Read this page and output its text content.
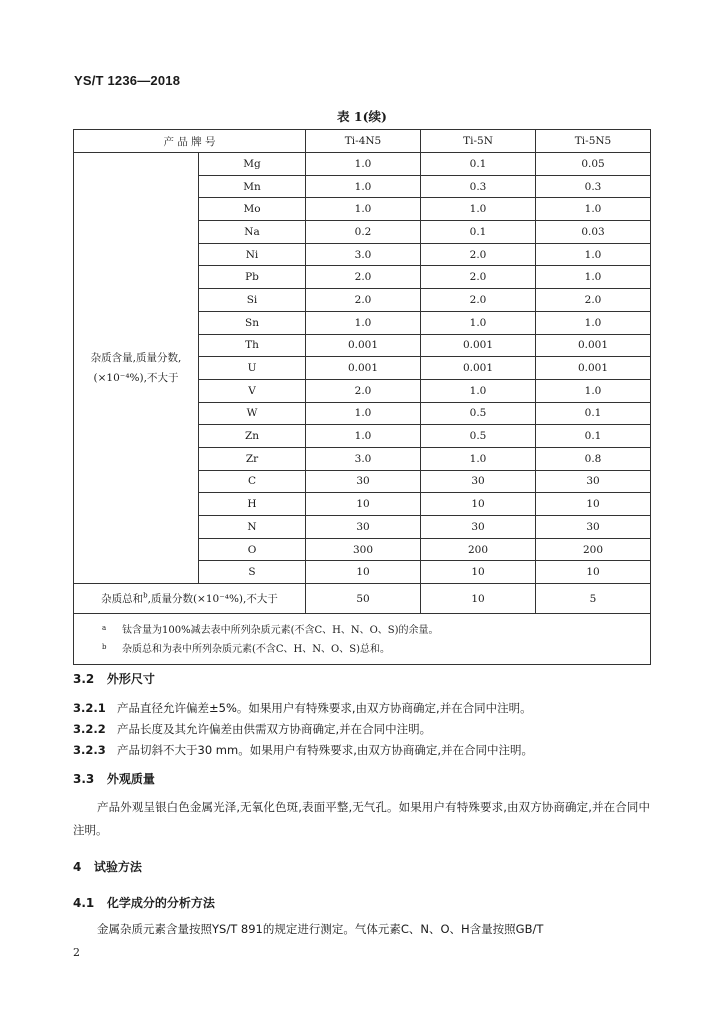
YS/T 1236—2018
表 1(续)
产 品 牌 号		Ti-4N5	Ti-5N	Ti-5N5

杂质含量,质量分数,
(×10⁻⁴%),不大于	Mg	1.0	0.1	0.05
	Mn	1.0	0.3	0.3
	Mo	1.0	1.0	1.0
	Na	0.2	0.1	0.03
	Ni	3.0	2.0	1.0
	Pb	2.0	2.0	1.0
	Si	2.0	2.0	2.0
	Sn	1.0	1.0	1.0
	Th	0.001	0.001	0.001
	U	0.001	0.001	0.001
	V	2.0	1.0	1.0
	W	1.0	0.5	0.1
	Zn	1.0	0.5	0.1
	Zr	3.0	1.0	0.8
	C	30	30	30
	H	10	10	10
	N	30	30	30
	O	300	200	200
	S	10	10	10
杂质总和$^b$,质量分数(×10⁻⁴%),不大于		50	10	5

a 钛含量为100%减去表中所列杂质元素(不含C、H、N、O、S)的余量。
b 杂质总和为表中所列杂质元素(不含C、H、N、O、S)总和。				
3.2 外形尺寸
3.2.1 产品直径允许偏差±5%。如果用户有特殊要求,由双方协商确定,并在合同中注明。
3.2.2 产品长度及其允许偏差由供需双方协商确定,并在合同中注明。
3.2.3 产品切斜不大于30 mm。如果用户有特殊要求,由双方协商确定,并在合同中注明。
3.3 外观质量
产品外观呈银白色金属光泽,无氧化色斑,表面平整,无气孔。如果用户有特殊要求,由双方协商确定,并在合同中注明。
4 试验方法
4.1 化学成分的分析方法
金属杂质元素含量按照YS/T 891的规定进行测定。气体元素C、N、O、H含量按照GB/T
2
